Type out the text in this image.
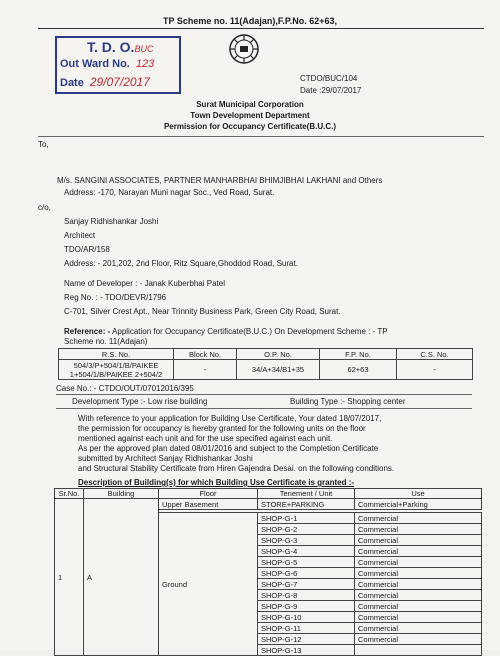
TP Scheme no. 11(Adajan),F.P.No. 62+63,
T. D. O.BUC
Out Ward No. 123
Date 29/07/2017	CTDO/BUC/104
Date :29/07/2017
Surat Municipal Corporation
Town Development Department
Permission for Occupancy Certificate(B.U.C.)
To,
M/s. SANGINI ASSOCIATES, PARTNER MANHARBHAI BHIMJIBHAI LAKHANI and Others
Address: -170, Narayan Muni nagar Soc., Ved Road, Surat.
c/o,
Sanjay Ridhishankar Joshi
Architect
TDO/AR/158
Address: - 201,202, 2nd Floor, Ritz Square,Ghoddod Road, Surat.
Name of Developer : - Janak Kuberbhai Patel
Reg No. : - TDO/DEVR/1796
C-701, Silver Crest Apt., Near Trinnity Business Park, Green City Road, Surat.
Reference: - Application for Occupancy Certificate(B.U.C.) On Development Scheme : - TP
Scheme no. 11(Adajan)
R.S. No.	Block No.	O.P. No.	F.P. No.	C.S. No.

504/3/P+504/1/B/PAIKEE
1+504/1/B/PAIKEE 2+504/2	-	34/A+34/B1+35	62+63	-
Case No.: - CTDO/OUT/07012016/395
Development Type :- Low rise building	Building Type :- Shopping center
With reference to your application for Building Use Certificate, Your dated 18/07/2017,
the permission for occupancy is hereby granted for the following units on the floor
mentioned against each unit and for the use specified against each unit.
As per the approved plan dated 08/01/2016 and subject to the Completion Certificate
submitted by Architect Sanjay Ridhishankar Joshi
and Structural Stability Certificate from Hiren Gajendra Desai. on the following conditions.
Description of Building(s) for which Building Use Certificate is granted :-
Sr.No.	Building	Floor	Tenement / Unit	Use
1	A	Upper Basement	STORE+PARKING	Commercial+Parking

		Ground	SHOP-G-1	Commercial
			SHOP-G-2	Commercial
			SHOP-G-3	Commercial
			SHOP-G-4	Commercial
			SHOP-G-5	Commercial
			SHOP-G-6	Commercial
			SHOP-G-7	Commercial
			SHOP-G-8	Commercial
			SHOP-G-9	Commercial
			SHOP-G-10	Commercial
			SHOP-G-11	Commercial
			SHOP-G-12	Commercial
			SHOP-G-13	
